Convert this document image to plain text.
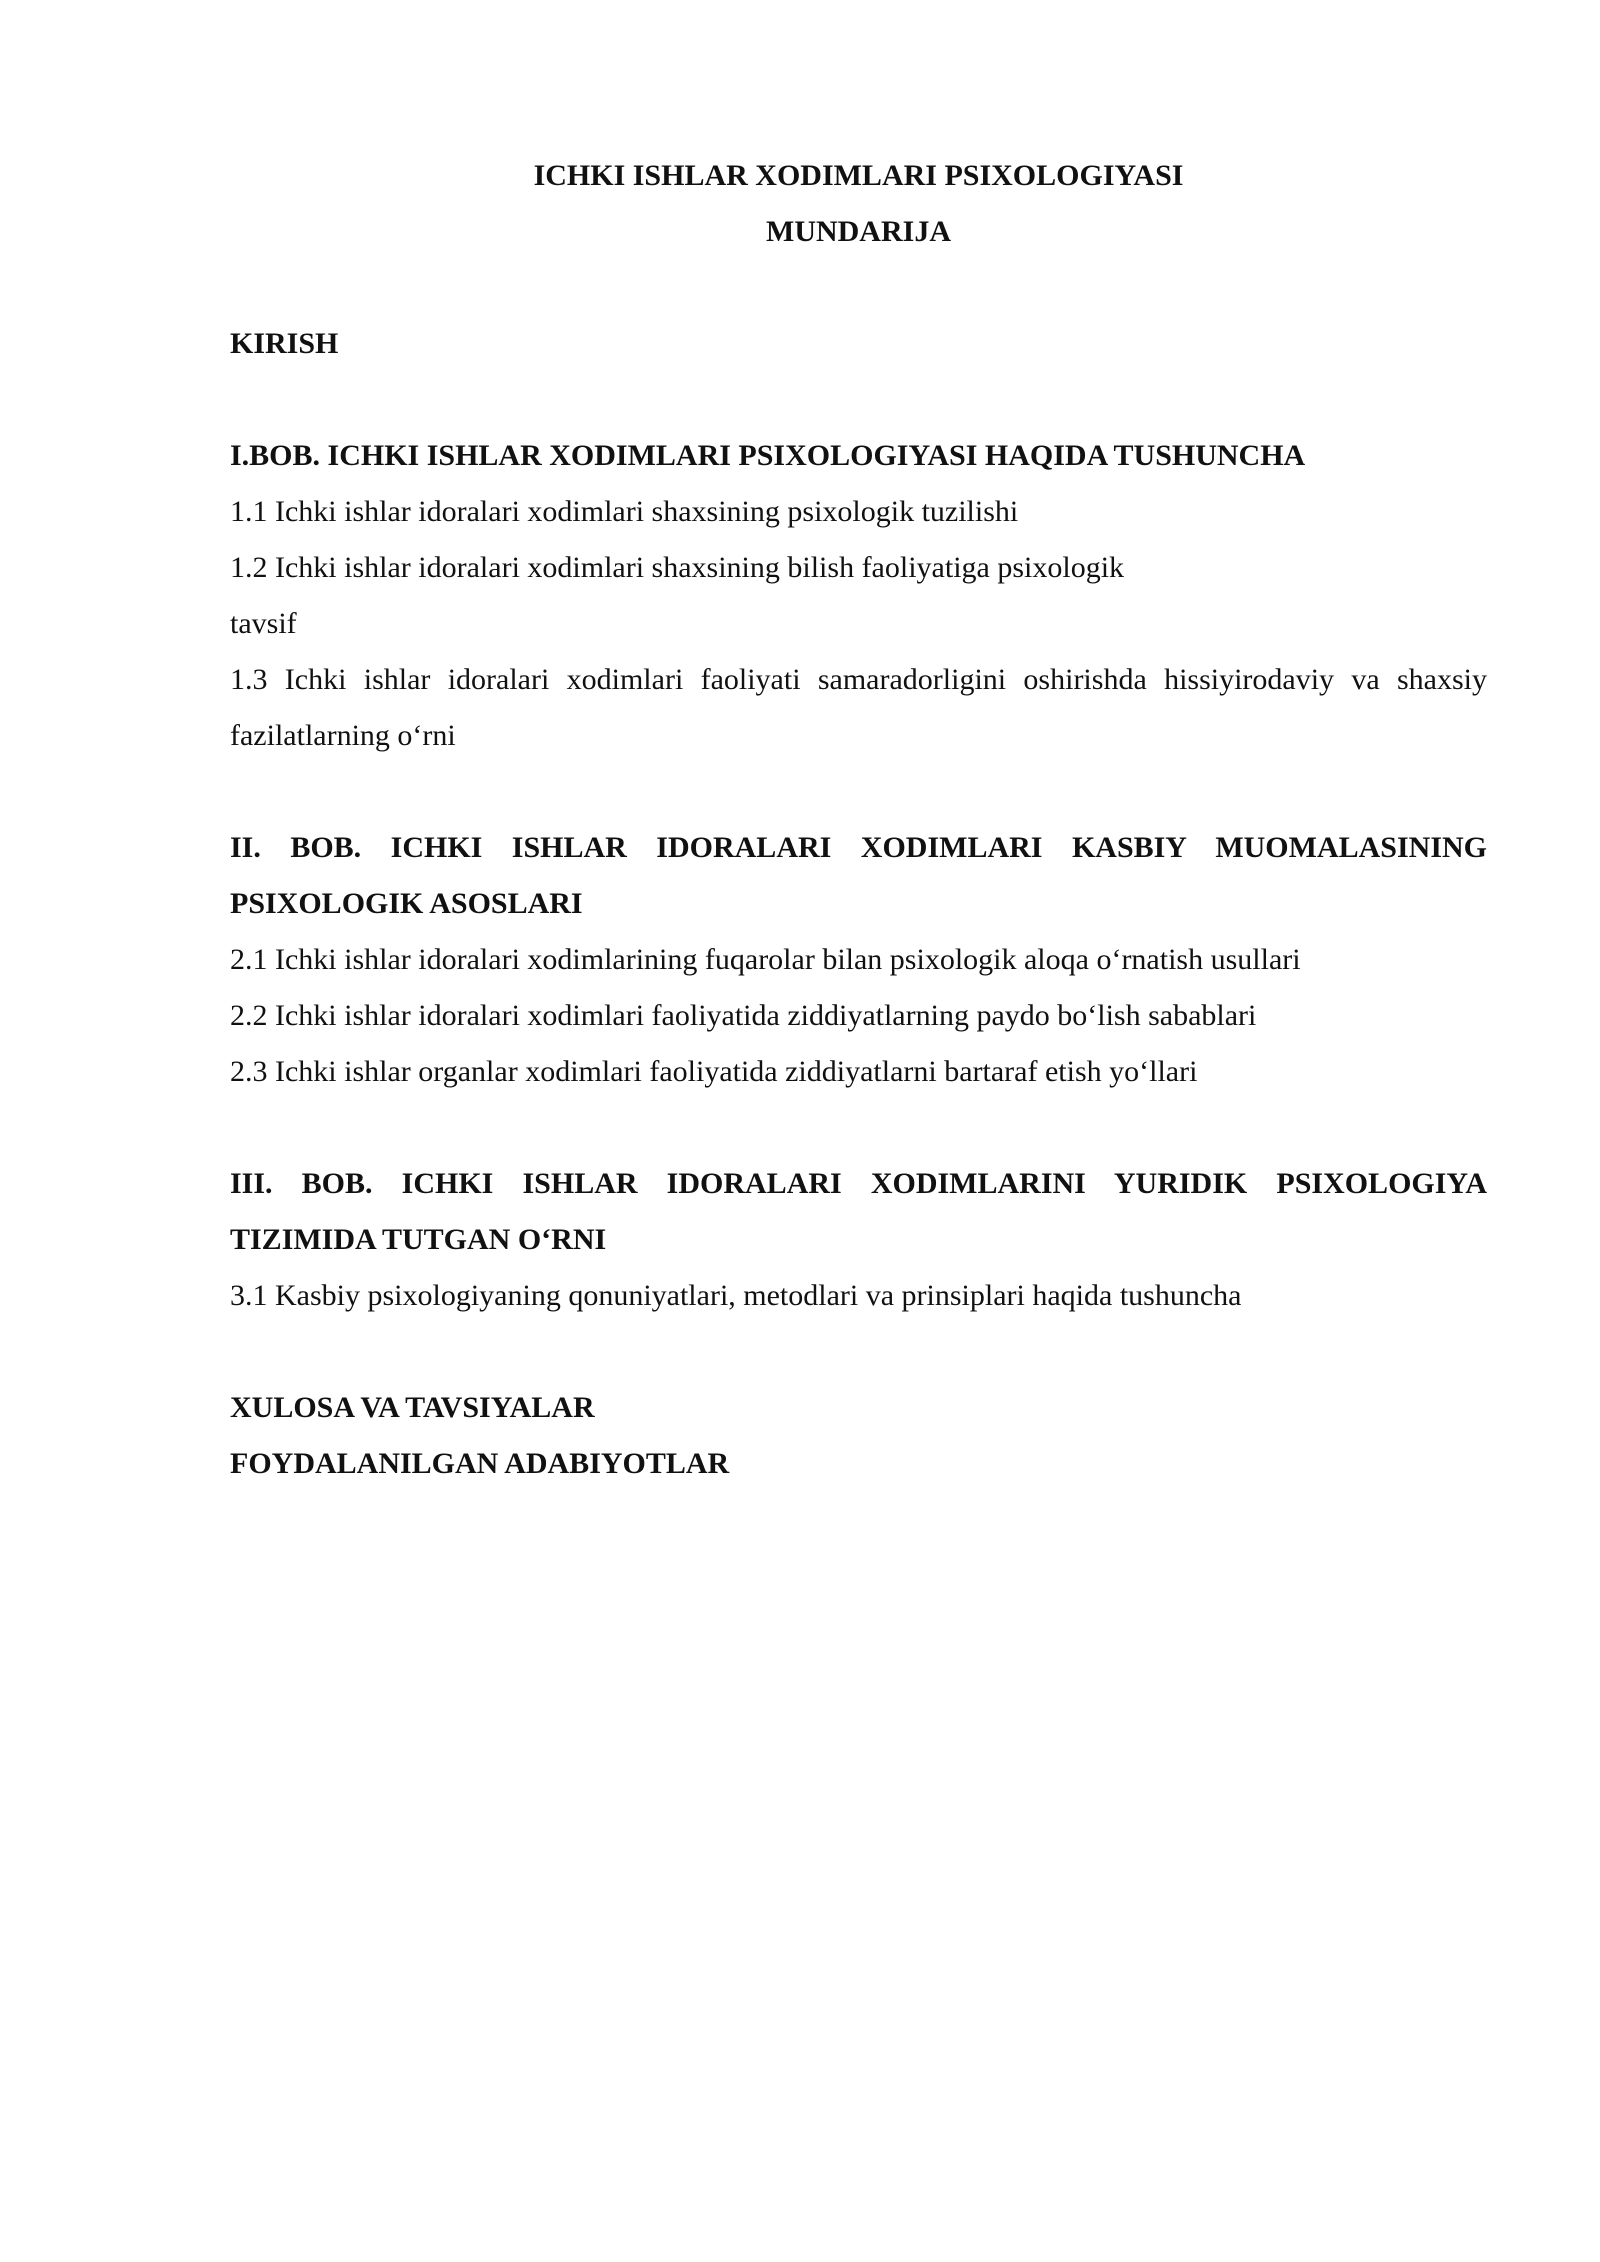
ICHKI ISHLAR XODIMLARI PSIXOLOGIYASI

MUNDARIJA

KIRISH

I.BOB. ICHKI ISHLAR XODIMLARI PSIXOLOGIYASI HAQIDA TUSHUNCHA

1.1 Ichki ishlar idoralari xodimlari shaxsining psixologik tuzilishi

1.2 Ichki ishlar idoralari xodimlari shaxsining bilish faoliyatiga psixologik

tavsif

1.3 Ichki ishlar idoralari xodimlari faoliyati samaradorligini oshirishda hissiyirodaviy va shaxsiy fazilatlarning o‘rni

II. BOB. ICHKI ISHLAR IDORALARI XODIMLARI KASBIY MUOMALASINING PSIXOLOGIK ASOSLARI

2.1 Ichki ishlar idoralari xodimlarining fuqarolar bilan psixologik aloqa o‘rnatish usullari

2.2 Ichki ishlar idoralari xodimlari faoliyatida ziddiyatlarning paydo bo‘lish sabablari

2.3 Ichki ishlar organlar xodimlari faoliyatida ziddiyatlarni bartaraf etish yo‘llari

III. BOB. ICHKI ISHLAR IDORALARI XODIMLARINI YURIDIK PSIXOLOGIYA TIZIMIDA TUTGAN O‘RNI

3.1 Kasbiy psixologiyaning qonuniyatlari, metodlari va prinsiplari haqida tushuncha

XULOSA VA TAVSIYALAR

FOYDALANILGAN ADABIYOTLAR
